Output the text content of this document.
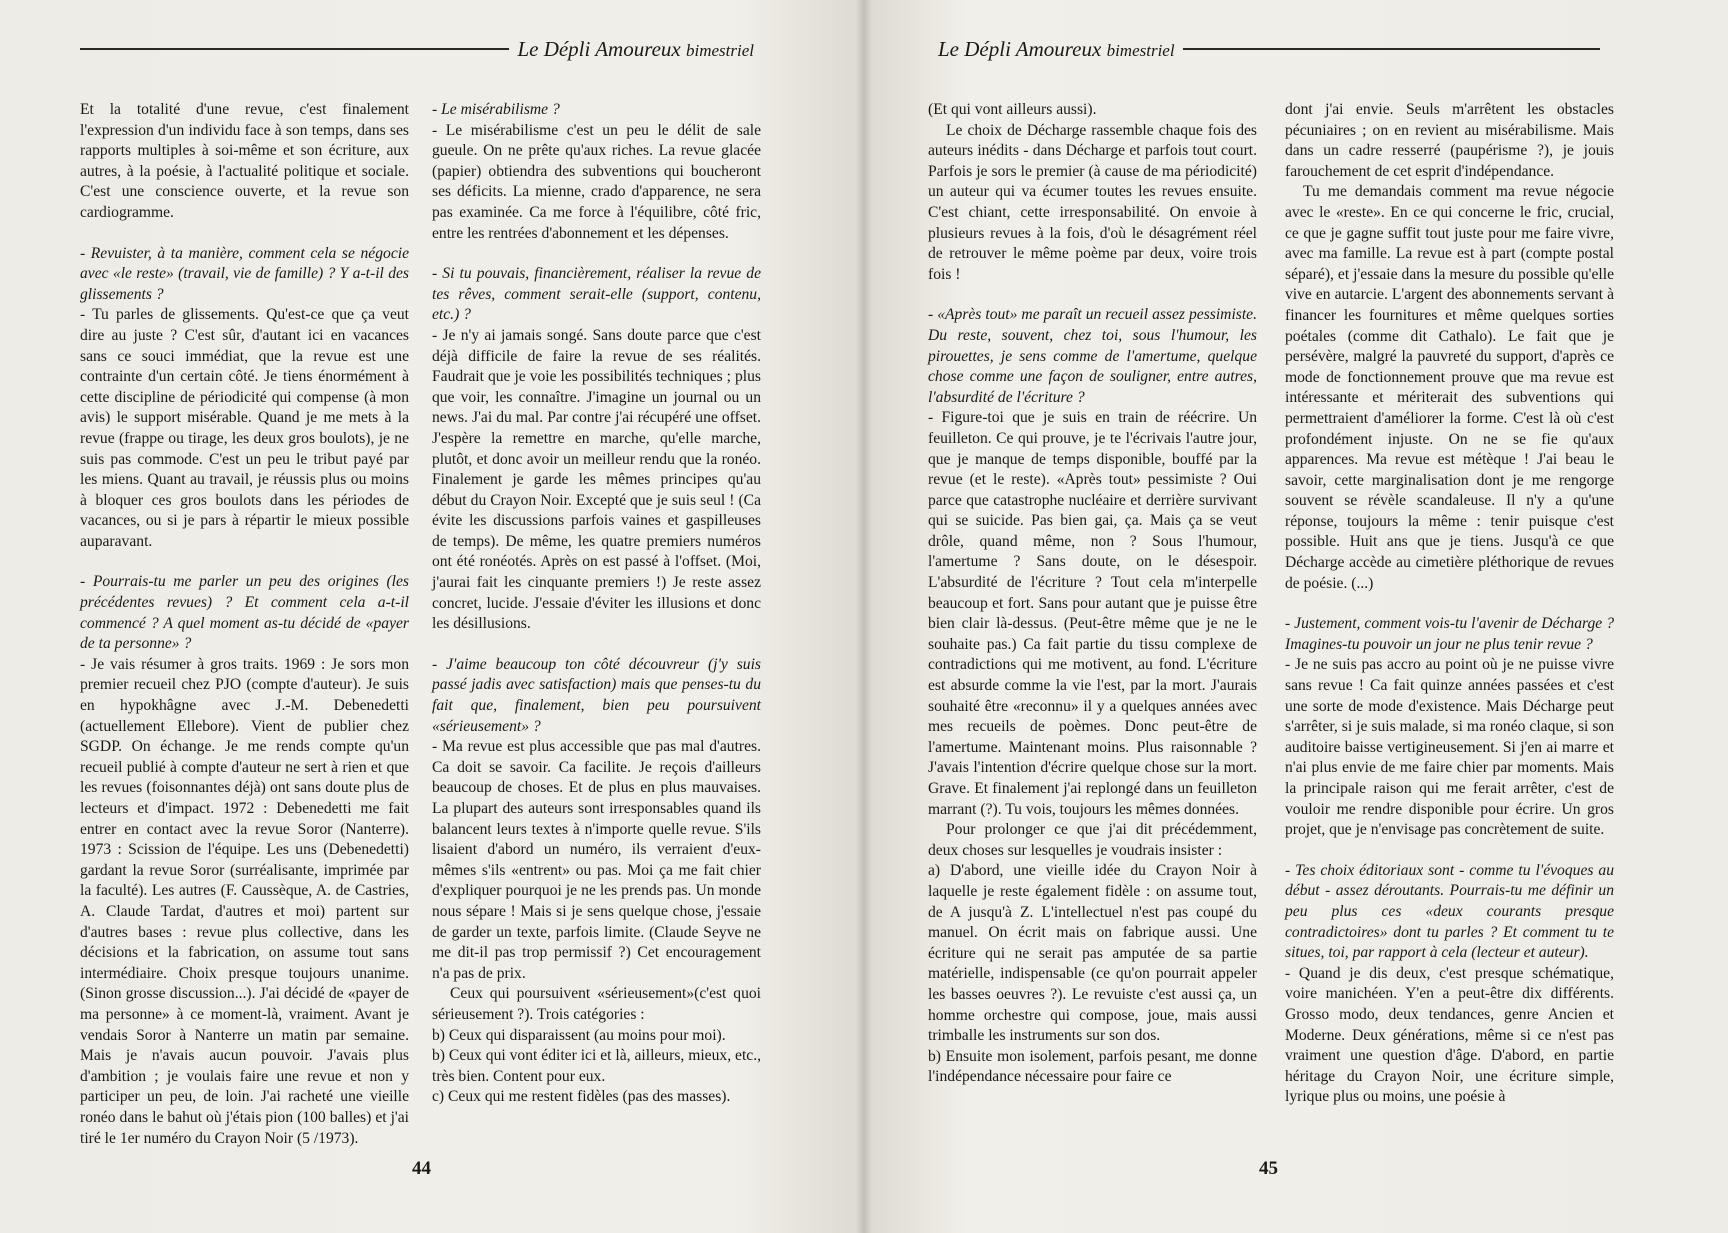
Le Dépli Amoureux bimestriel

Et la totalité d'une revue, c'est finalement l'expression d'un individu face à son temps, dans ses rapports multiples à soi-même et son écriture, aux autres, à la poésie, à l'actualité politique et sociale. C'est une conscience ouverte, et la revue son cardiogramme.

- Revuister, à ta manière, comment cela se négocie avec «le reste» (travail, vie de famille) ? Y a-t-il des glissements ?

- Tu parles de glissements. Qu'est-ce que ça veut dire au juste ? C'est sûr, d'autant ici en vacances sans ce souci immédiat, que la revue est une contrainte d'un certain côté. Je tiens énormément à cette discipline de périodicité qui compense (à mon avis) le support misérable. Quand je me mets à la revue (frappe ou tirage, les deux gros boulots), je ne suis pas commode. C'est un peu le tribut payé par les miens. Quant au travail, je réussis plus ou moins à bloquer ces gros boulots dans les périodes de vacances, ou si je pars à répartir le mieux possible auparavant.

- Pourrais-tu me parler un peu des origines (les précédentes revues) ? Et comment cela a-t-il commencé ? A quel moment as-tu décidé de «payer de ta personne» ?

- Je vais résumer à gros traits. 1969 : Je sors mon premier recueil chez PJO (compte d'auteur). Je suis en hypokhâgne avec J.-M. Debenedetti (actuellement Ellebore). Vient de publier chez SGDP. On échange. Je me rends compte qu'un recueil publié à compte d'auteur ne sert à rien et que les revues (foisonnantes déjà) ont sans doute plus de lecteurs et d'impact. 1972 : Debenedetti me fait entrer en contact avec la revue Soror (Nanterre). 1973 : Scission de l'équipe. Les uns (Debenedetti) gardant la revue Soror (surréalisante, imprimée par la faculté). Les autres (F. Caussèque, A. de Castries, A. Claude Tardat, d'autres et moi) partent sur d'autres bases : revue plus collective, dans les décisions et la fabrication, on assume tout sans intermédiaire. Choix presque toujours unanime. (Sinon grosse discussion...). J'ai décidé de «payer de ma personne» à ce moment-là, vraiment. Avant je vendais Soror à Nanterre un matin par semaine. Mais je n'avais aucun pouvoir. J'avais plus d'ambition ; je voulais faire une revue et non y participer un peu, de loin. J'ai racheté une vieille ronéo dans le bahut où j'étais pion (100 balles) et j'ai tiré le 1er numéro du Crayon Noir (5 /1973).

- Le misérabilisme ?

- Le misérabilisme c'est un peu le délit de sale gueule. On ne prête qu'aux riches. La revue glacée (papier) obtiendra des subventions qui boucheront ses déficits. La mienne, crado d'apparence, ne sera pas examinée. Ca me force à l'équilibre, côté fric, entre les rentrées d'abonnement et les dépenses.

- Si tu pouvais, financièrement, réaliser la revue de tes rêves, comment serait-elle (support, contenu, etc.) ?

- Je n'y ai jamais songé. Sans doute parce que c'est déjà difficile de faire la revue de ses réalités. Faudrait que je voie les possibilités techniques ; plus que voir, les connaître. J'imagine un journal ou un news. J'ai du mal. Par contre j'ai récupéré une offset. J'espère la remettre en marche, qu'elle marche, plutôt, et donc avoir un meilleur rendu que la ronéo. Finalement je garde les mêmes principes qu'au début du Crayon Noir. Excepté que je suis seul ! (Ca évite les discussions parfois vaines et gaspilleuses de temps). De même, les quatre premiers numéros ont été ronéotés. Après on est passé à l'offset. (Moi, j'aurai fait les cinquante premiers !) Je reste assez concret, lucide. J'essaie d'éviter les illusions et donc les désillusions.

- J'aime beaucoup ton côté découvreur (j'y suis passé jadis avec satisfaction) mais que penses-tu du fait que, finalement, bien peu poursuivent «sérieusement» ?

- Ma revue est plus accessible que pas mal d'autres. Ca doit se savoir. Ca facilite. Je reçois d'ailleurs beaucoup de choses. Et de plus en plus mauvaises. La plupart des auteurs sont irresponsables quand ils balancent leurs textes à n'importe quelle revue. S'ils lisaient d'abord un numéro, ils verraient d'eux-mêmes s'ils «entrent» ou pas. Moi ça me fait chier d'expliquer pourquoi je ne les prends pas. Un monde nous sépare ! Mais si je sens quelque chose, j'essaie de garder un texte, parfois limite. (Claude Seyve ne me dit-il pas trop permissif ?) Cet encouragement n'a pas de prix.

Ceux qui poursuivent «sérieusement»(c'est quoi sérieusement ?). Trois catégories :

b) Ceux qui disparaissent (au moins pour moi).

b) Ceux qui vont éditer ici et là, ailleurs, mieux, etc., très bien. Content pour eux.

c) Ceux qui me restent fidèles (pas des masses).

44
Le Dépli Amoureux bimestriel

(Et qui vont ailleurs aussi).

Le choix de Décharge rassemble chaque fois des auteurs inédits - dans Décharge et parfois tout court. Parfois je sors le premier (à cause de ma périodicité) un auteur qui va écumer toutes les revues ensuite. C'est chiant, cette irresponsabilité. On envoie à plusieurs revues à la fois, d'où le désagrément réel de retrouver le même poème par deux, voire trois fois !

- «Après tout» me paraît un recueil assez pessimiste. Du reste, souvent, chez toi, sous l'humour, les pirouettes, je sens comme de l'amertume, quelque chose comme une façon de souligner, entre autres, l'absurdité de l'écriture ?

- Figure-toi que je suis en train de réécrire. Un feuilleton. Ce qui prouve, je te l'écrivais l'autre jour, que je manque de temps disponible, bouffé par la revue (et le reste). «Après tout» pessimiste ? Oui parce que catastrophe nucléaire et derrière survivant qui se suicide. Pas bien gai, ça. Mais ça se veut drôle, quand même, non ? Sous l'humour, l'amertume ? Sans doute, on le désespoir. L'absurdité de l'écriture ? Tout cela m'interpelle beaucoup et fort. Sans pour autant que je puisse être bien clair là-dessus. (Peut-être même que je ne le souhaite pas.) Ca fait partie du tissu complexe de contradictions qui me motivent, au fond. L'écriture est absurde comme la vie l'est, par la mort. J'aurais souhaité être «reconnu» il y a quelques années avec mes recueils de poèmes. Donc peut-être de l'amertume. Maintenant moins. Plus raisonnable ? J'avais l'intention d'écrire quelque chose sur la mort. Grave. Et finalement j'ai replongé dans un feuilleton marrant (?). Tu vois, toujours les mêmes données.

Pour prolonger ce que j'ai dit précédemment, deux choses sur lesquelles je voudrais insister :

a) D'abord, une vieille idée du Crayon Noir à laquelle je reste également fidèle : on assume tout, de A jusqu'à Z. L'intellectuel n'est pas coupé du manuel. On écrit mais on fabrique aussi. Une écriture qui ne serait pas amputée de sa partie matérielle, indispensable (ce qu'on pourrait appeler les basses oeuvres ?). Le revuiste c'est aussi ça, un homme orchestre qui compose, joue, mais aussi trimballe les instruments sur son dos.

b) Ensuite mon isolement, parfois pesant, me donne l'indépendance nécessaire pour faire ce

dont j'ai envie. Seuls m'arrêtent les obstacles pécuniaires ; on en revient au misérabilisme. Mais dans un cadre resserré (paupérisme ?), je jouis farouchement de cet esprit d'indépendance.

Tu me demandais comment ma revue négocie avec le «reste». En ce qui concerne le fric, crucial, ce que je gagne suffit tout juste pour me faire vivre, avec ma famille. La revue est à part (compte postal séparé), et j'essaie dans la mesure du possible qu'elle vive en autarcie. L'argent des abonnements servant à financer les fournitures et même quelques sorties poétales (comme dit Cathalo). Le fait que je persévère, malgré la pauvreté du support, d'après ce mode de fonctionnement prouve que ma revue est intéressante et mériterait des subventions qui permettraient d'améliorer la forme. C'est là où c'est profondément injuste. On ne se fie qu'aux apparences. Ma revue est métèque ! J'ai beau le savoir, cette marginalisation dont je me rengorge souvent se révèle scandaleuse. Il n'y a qu'une réponse, toujours la même : tenir puisque c'est possible. Huit ans que je tiens. Jusqu'à ce que Décharge accède au cimetière pléthorique de revues de poésie. (...)

- Justement, comment vois-tu l'avenir de Décharge ? Imagines-tu pouvoir un jour ne plus tenir revue ?

- Je ne suis pas accro au point où je ne puisse vivre sans revue ! Ca fait quinze années passées et c'est une sorte de mode d'existence. Mais Décharge peut s'arrêter, si je suis malade, si ma ronéo claque, si son auditoire baisse vertigineusement. Si j'en ai marre et n'ai plus envie de me faire chier par moments. Mais la principale raison qui me ferait arrêter, c'est de vouloir me rendre disponible pour écrire. Un gros projet, que je n'envisage pas concrètement de suite.

- Tes choix éditoriaux sont - comme tu l'évoques au début - assez déroutants. Pourrais-tu me définir un peu plus ces «deux courants presque contradictoires» dont tu parles ? Et comment tu te situes, toi, par rapport à cela (lecteur et auteur).

- Quand je dis deux, c'est presque schématique, voire manichéen. Y'en a peut-être dix différents. Grosso modo, deux tendances, genre Ancien et Moderne. Deux générations, même si ce n'est pas vraiment une question d'âge. D'abord, en partie héritage du Crayon Noir, une écriture simple, lyrique plus ou moins, une poésie à

45
